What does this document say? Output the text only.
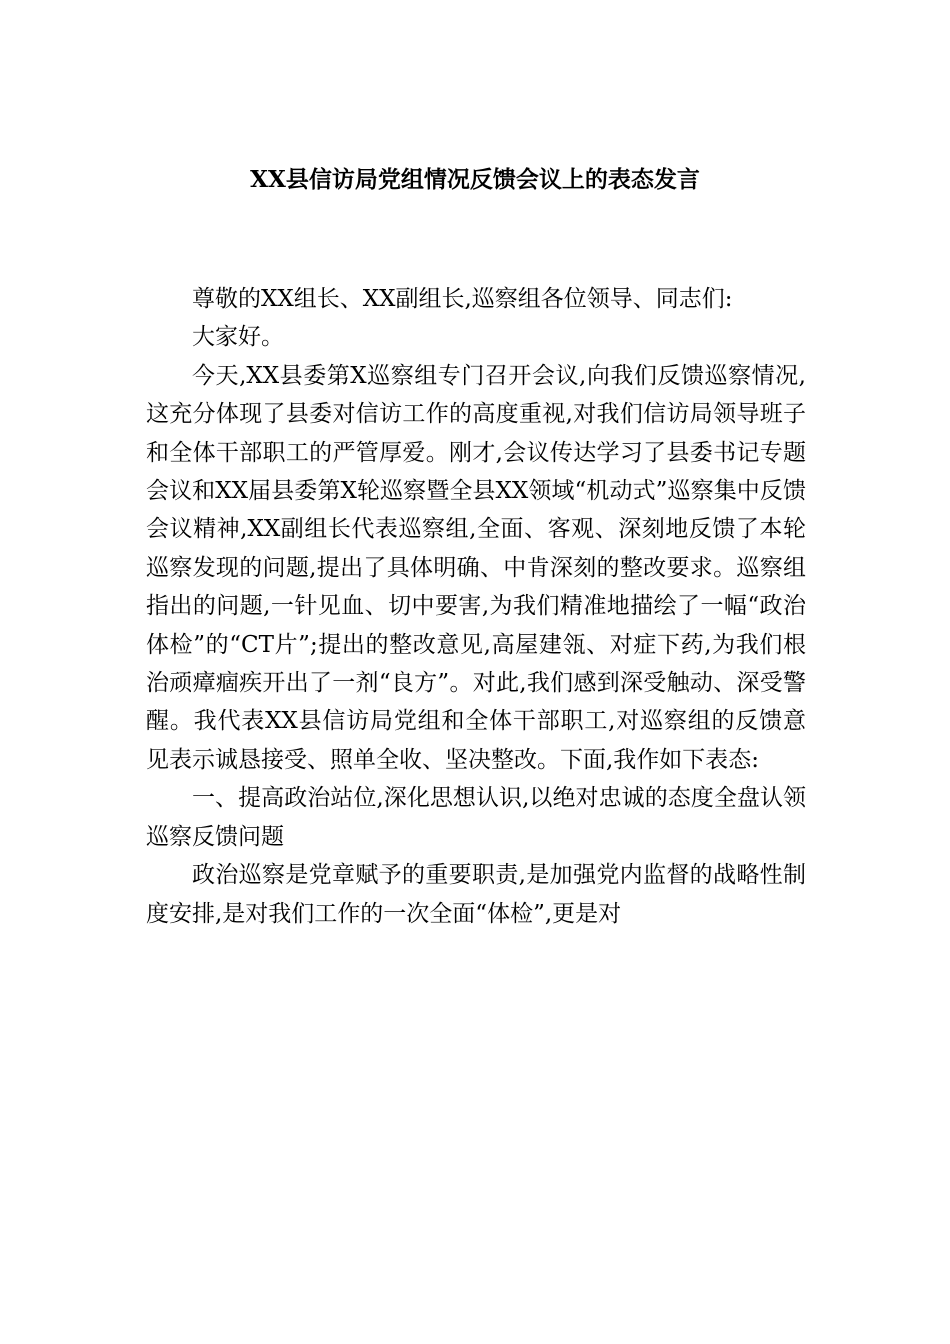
XX县信访局党组情况反馈会议上的表态发言

尊敬的XX组长、XX副组长,巡察组各位领导、同志们:

大家好。

今天,XX县委第X巡察组专门召开会议,向我们反馈巡察情况,这充分体现了县委对信访工作的高度重视,对我们信访局领导班子和全体干部职工的严管厚爱。刚才,会议传达学习了县委书记专题会议和XX届县委第X轮巡察暨全县XX领域“机动式”巡察集中反馈会议精神,XX副组长代表巡察组,全面、客观、深刻地反馈了本轮巡察发现的问题,提出了具体明确、中肯深刻的整改要求。巡察组指出的问题,一针见血、切中要害,为我们精准地描绘了一幅“政治体检”的“CT片”;提出的整改意见,高屋建瓴、对症下药,为我们根治顽瘴痼疾开出了一剂“良方”。对此,我们感到深受触动、深受警醒。我代表XX县信访局党组和全体干部职工,对巡察组的反馈意见表示诚恳接受、照单全收、坚决整改。下面,我作如下表态:

一、提高政治站位,深化思想认识,以绝对忠诚的态度全盘认领巡察反馈问题

政治巡察是党章赋予的重要职责,是加强党内监督的战略性制度安排,是对我们工作的一次全面“体检”,更是对
